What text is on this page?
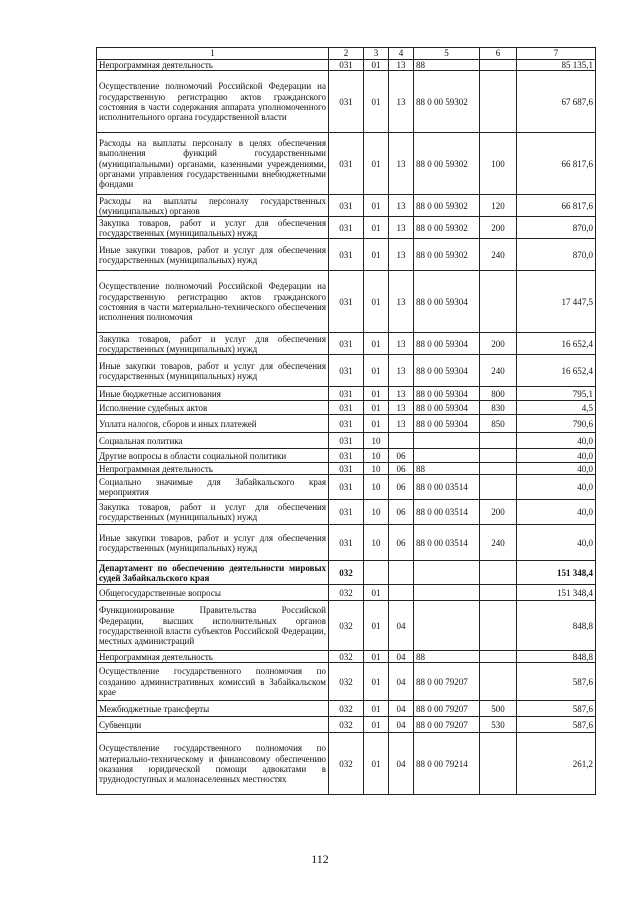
1	2	3	4	5	6	7
Непрограммная деятельность	031	01	13	88		85 135,1
Осуществление полномочий Российской Федерации на государственную регистрацию актов гражданского состояния в части содержания аппарата уполномоченного исполнительного органа государственной власти	031	01	13	88 0 00 59302		67 687,6
Расходы на выплаты персоналу в целях обеспечения выполнения функций государственными (муниципальными) органами, казенными учреждениями, органами управления государственными внебюджетными фондами	031	01	13	88 0 00 59302	100	66 817,6
Расходы на выплаты персоналу государственных (муниципальных) органов	031	01	13	88 0 00 59302	120	66 817,6
Закупка товаров, работ и услуг для обеспечения государственных (муниципальных) нужд	031	01	13	88 0 00 59302	200	870,0
Иные закупки товаров, работ и услуг для обеспечения государственных (муниципальных) нужд	031	01	13	88 0 00 59302	240	870,0
Осуществление полномочий Российской Федерации на государственную регистрацию актов гражданского состояния в части материально-технического обеспечения исполнения полномочия	031	01	13	88 0 00 59304		17 447,5
Закупка товаров, работ и услуг для обеспечения государственных (муниципальных) нужд	031	01	13	88 0 00 59304	200	16 652,4
Иные закупки товаров, работ и услуг для обеспечения государственных (муниципальных) нужд	031	01	13	88 0 00 59304	240	16 652,4
Иные бюджетные ассигнования	031	01	13	88 0 00 59304	800	795,1
Исполнение судебных актов	031	01	13	88 0 00 59304	830	4,5
Уплата налогов, сборов и иных платежей	031	01	13	88 0 00 59304	850	790,6
Социальная политика	031	10				40,0
Другие вопросы в области социальной политики	031	10	06			40,0
Непрограммная деятельность	031	10	06	88		40,0
Социально значимые для Забайкальского края мероприятия	031	10	06	88 0 00 03514		40,0
Закупка товаров, работ и услуг для обеспечения государственных (муниципальных) нужд	031	10	06	88 0 00 03514	200	40,0
Иные закупки товаров, работ и услуг для обеспечения государственных (муниципальных) нужд	031	10	06	88 0 00 03514	240	40,0
Департамент по обеспечению деятельности мировых судей Забайкальского края	032					151 348,4
Общегосударственные вопросы	032	01				151 348,4
Функционирование Правительства Российской Федерации, высших исполнительных органов государственной власти субъектов Российской Федерации, местных администраций	032	01	04			848,8
Непрограммная деятельность	032	01	04	88		848,8
Осуществление государственного полномочия по созданию административных комиссий в Забайкальском крае	032	01	04	88 0 00 79207		587,6
Межбюджетные трансферты	032	01	04	88 0 00 79207	500	587,6
Субвенции	032	01	04	88 0 00 79207	530	587,6
Осуществление государственного полномочия по материально-техническому и финансовому обеспечению оказания юридической помощи адвокатами в труднодоступных и малонаселенных местностях	032	01	04	88 0 00 79214		261,2
112
